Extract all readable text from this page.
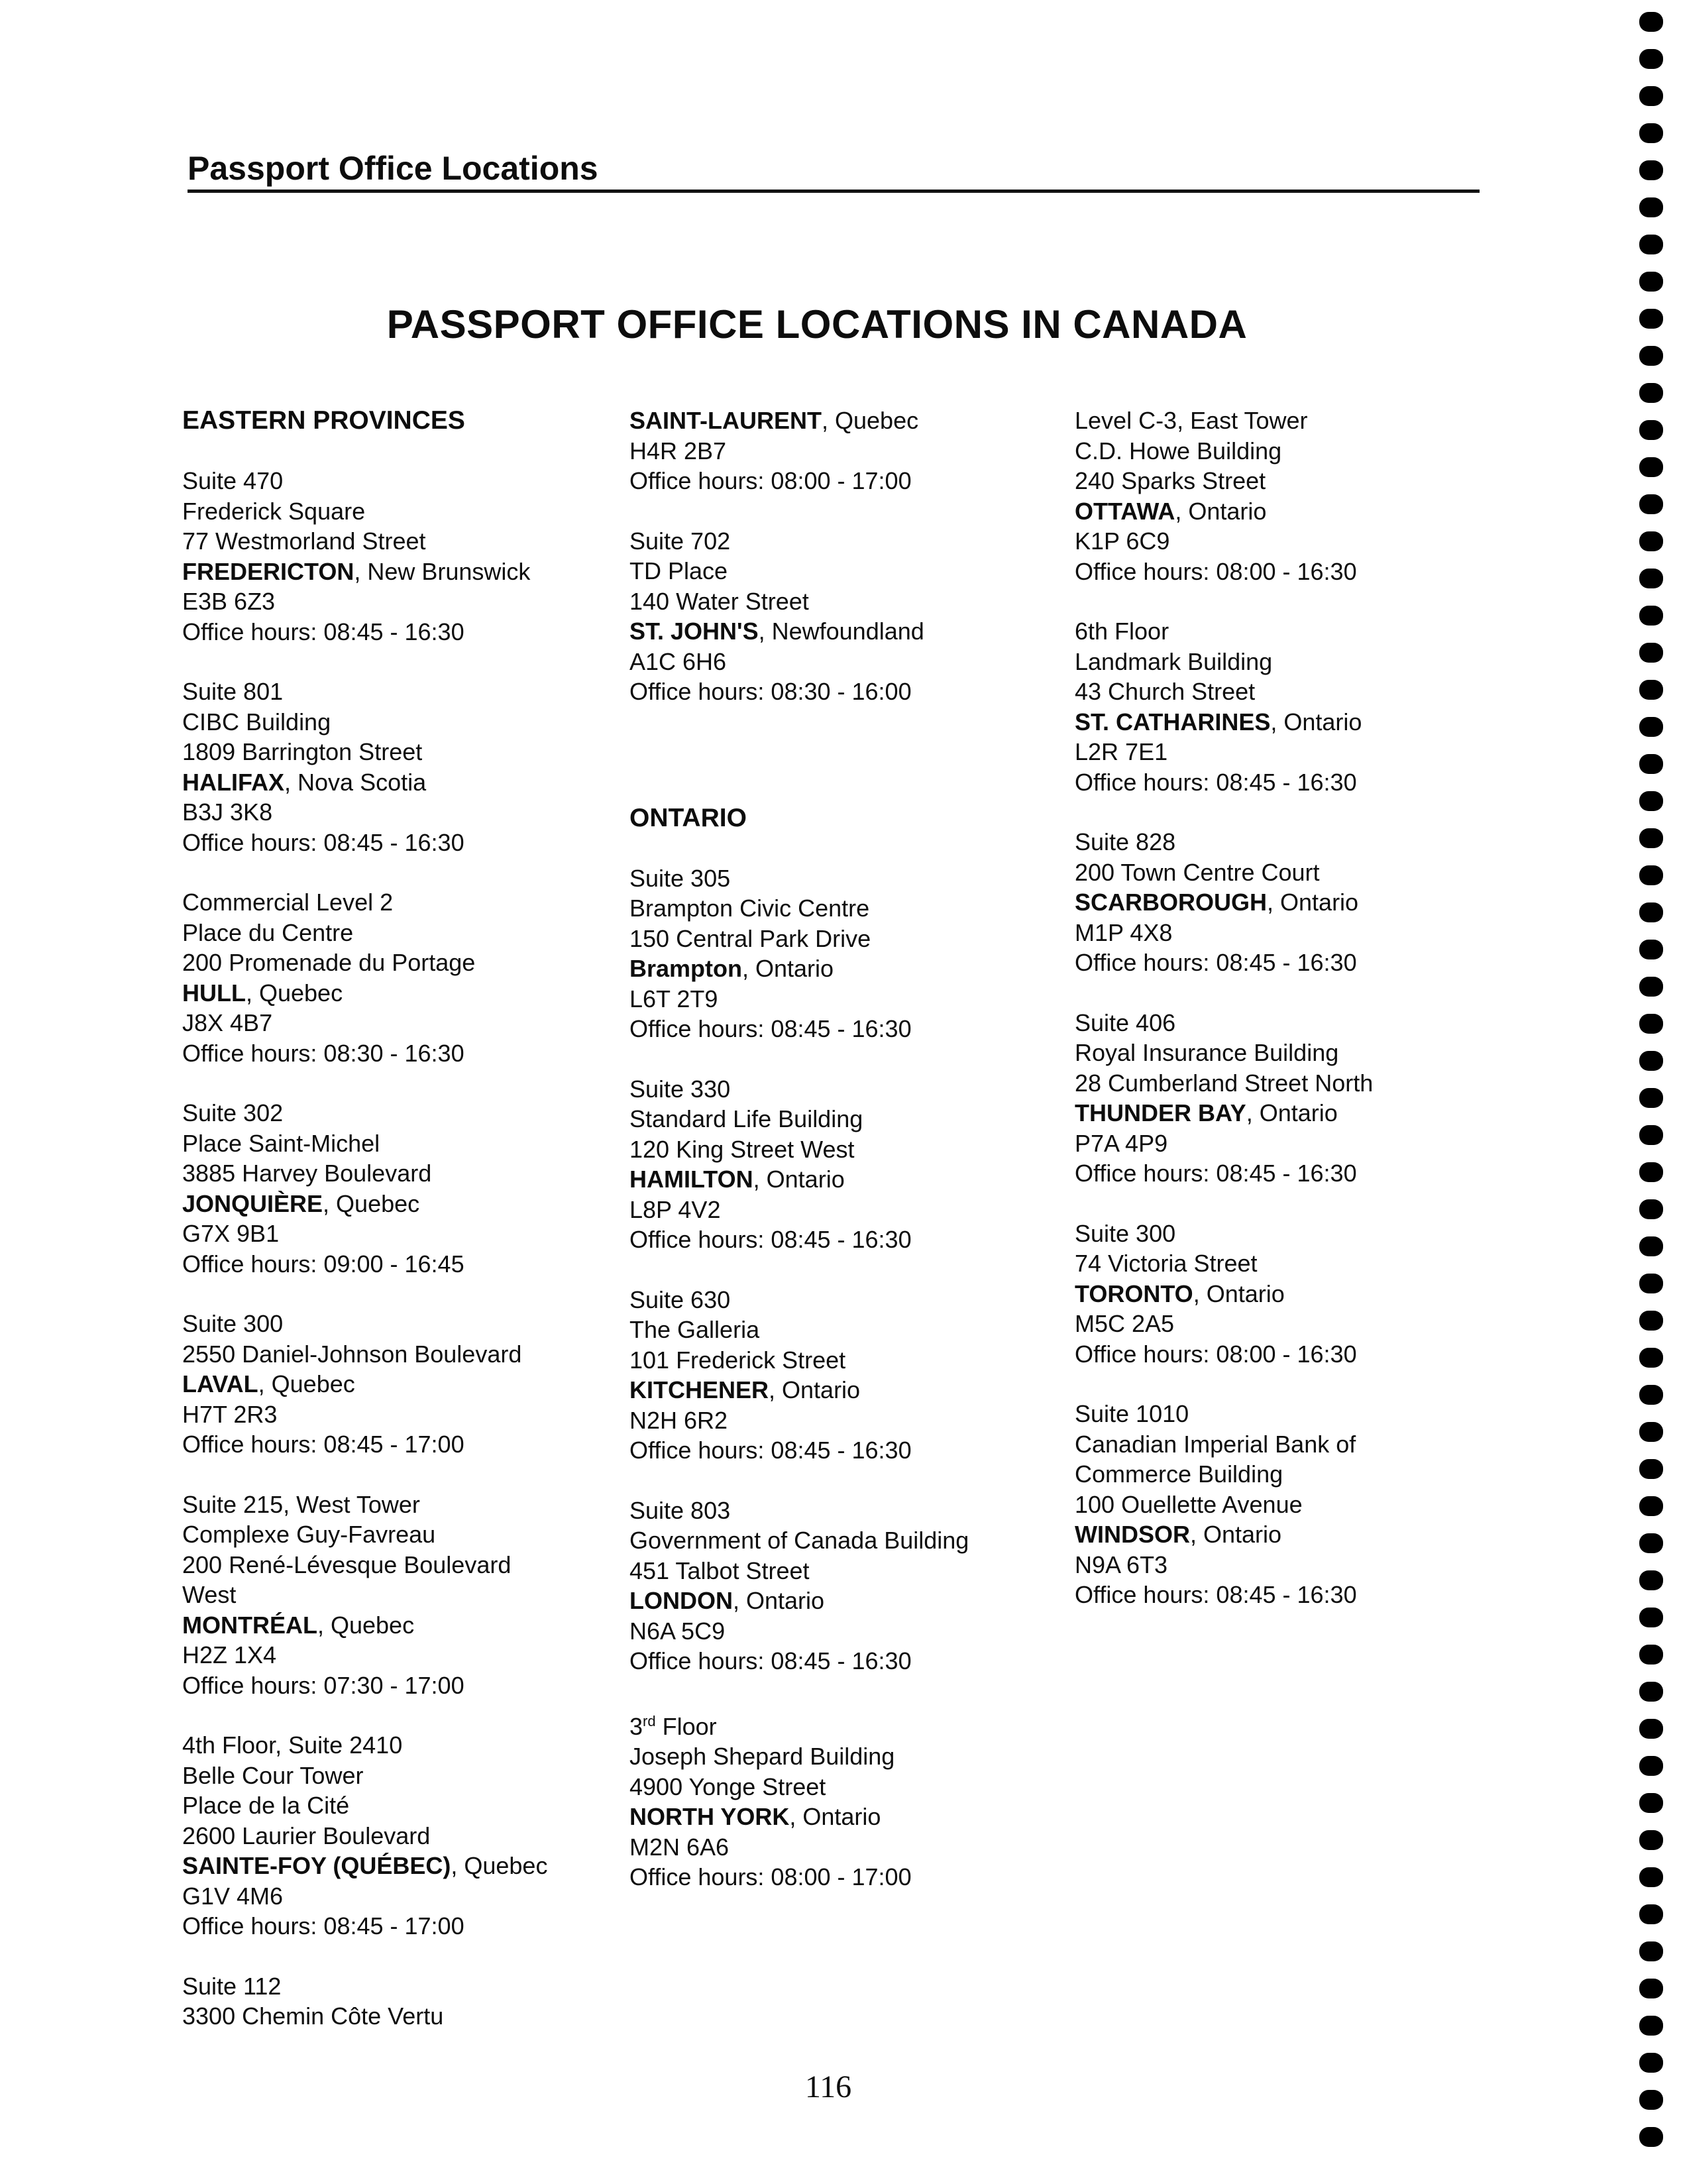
Passport Office Locations
PASSPORT OFFICE LOCATIONS IN CANADA
EASTERN PROVINCES
Suite 470
Frederick Square
77 Westmorland Street
FREDERICTON, New Brunswick
E3B 6Z3
Office hours: 08:45 - 16:30
Suite 801
CIBC Building
1809 Barrington Street
HALIFAX, Nova Scotia
B3J 3K8
Office hours: 08:45 - 16:30
Commercial Level 2
Place du Centre
200 Promenade du Portage
HULL, Quebec
J8X 4B7
Office hours: 08:30 - 16:30
Suite 302
Place Saint-Michel
3885 Harvey Boulevard
JONQUIÈRE, Quebec
G7X 9B1
Office hours: 09:00 - 16:45
Suite 300
2550 Daniel-Johnson Boulevard
LAVAL, Quebec
H7T 2R3
Office hours: 08:45 - 17:00
Suite 215, West Tower
Complexe Guy-Favreau
200 René-Lévesque Boulevard
West
MONTRÉAL, Quebec
H2Z 1X4
Office hours: 07:30 - 17:00
4th Floor, Suite 2410
Belle Cour Tower
Place de la Cité
2600 Laurier Boulevard
SAINTE-FOY (QUÉBEC), Quebec
G1V 4M6
Office hours: 08:45 - 17:00
Suite 112
3300 Chemin Côte Vertu
SAINT-LAURENT, Quebec
H4R 2B7
Office hours: 08:00 - 17:00
Suite 702
TD Place
140 Water Street
ST. JOHN'S, Newfoundland
A1C 6H6
Office hours: 08:30 - 16:00
ONTARIO
Suite 305
Brampton Civic Centre
150 Central Park Drive
Brampton, Ontario
L6T 2T9
Office hours: 08:45 - 16:30
Suite 330
Standard Life Building
120 King Street West
HAMILTON, Ontario
L8P 4V2
Office hours: 08:45 - 16:30
Suite 630
The Galleria
101 Frederick Street
KITCHENER, Ontario
N2H 6R2
Office hours: 08:45 - 16:30
Suite 803
Government of Canada Building
451 Talbot Street
LONDON, Ontario
N6A 5C9
Office hours: 08:45 - 16:30
3rd Floor
Joseph Shepard Building
4900 Yonge Street
NORTH YORK, Ontario
M2N 6A6
Office hours: 08:00 - 17:00
Level C-3, East Tower
C.D. Howe Building
240 Sparks Street
OTTAWA, Ontario
K1P 6C9
Office hours: 08:00 - 16:30
6th Floor
Landmark Building
43 Church Street
ST. CATHARINES, Ontario
L2R 7E1
Office hours: 08:45 - 16:30
Suite 828
200 Town Centre Court
SCARBOROUGH, Ontario
M1P 4X8
Office hours: 08:45 - 16:30
Suite 406
Royal Insurance Building
28 Cumberland Street North
THUNDER BAY, Ontario
P7A 4P9
Office hours: 08:45 - 16:30
Suite 300
74 Victoria Street
TORONTO, Ontario
M5C 2A5
Office hours: 08:00 - 16:30
Suite 1010
Canadian Imperial Bank of
Commerce Building
100 Ouellette Avenue
WINDSOR, Ontario
N9A 6T3
Office hours: 08:45 - 16:30
116
